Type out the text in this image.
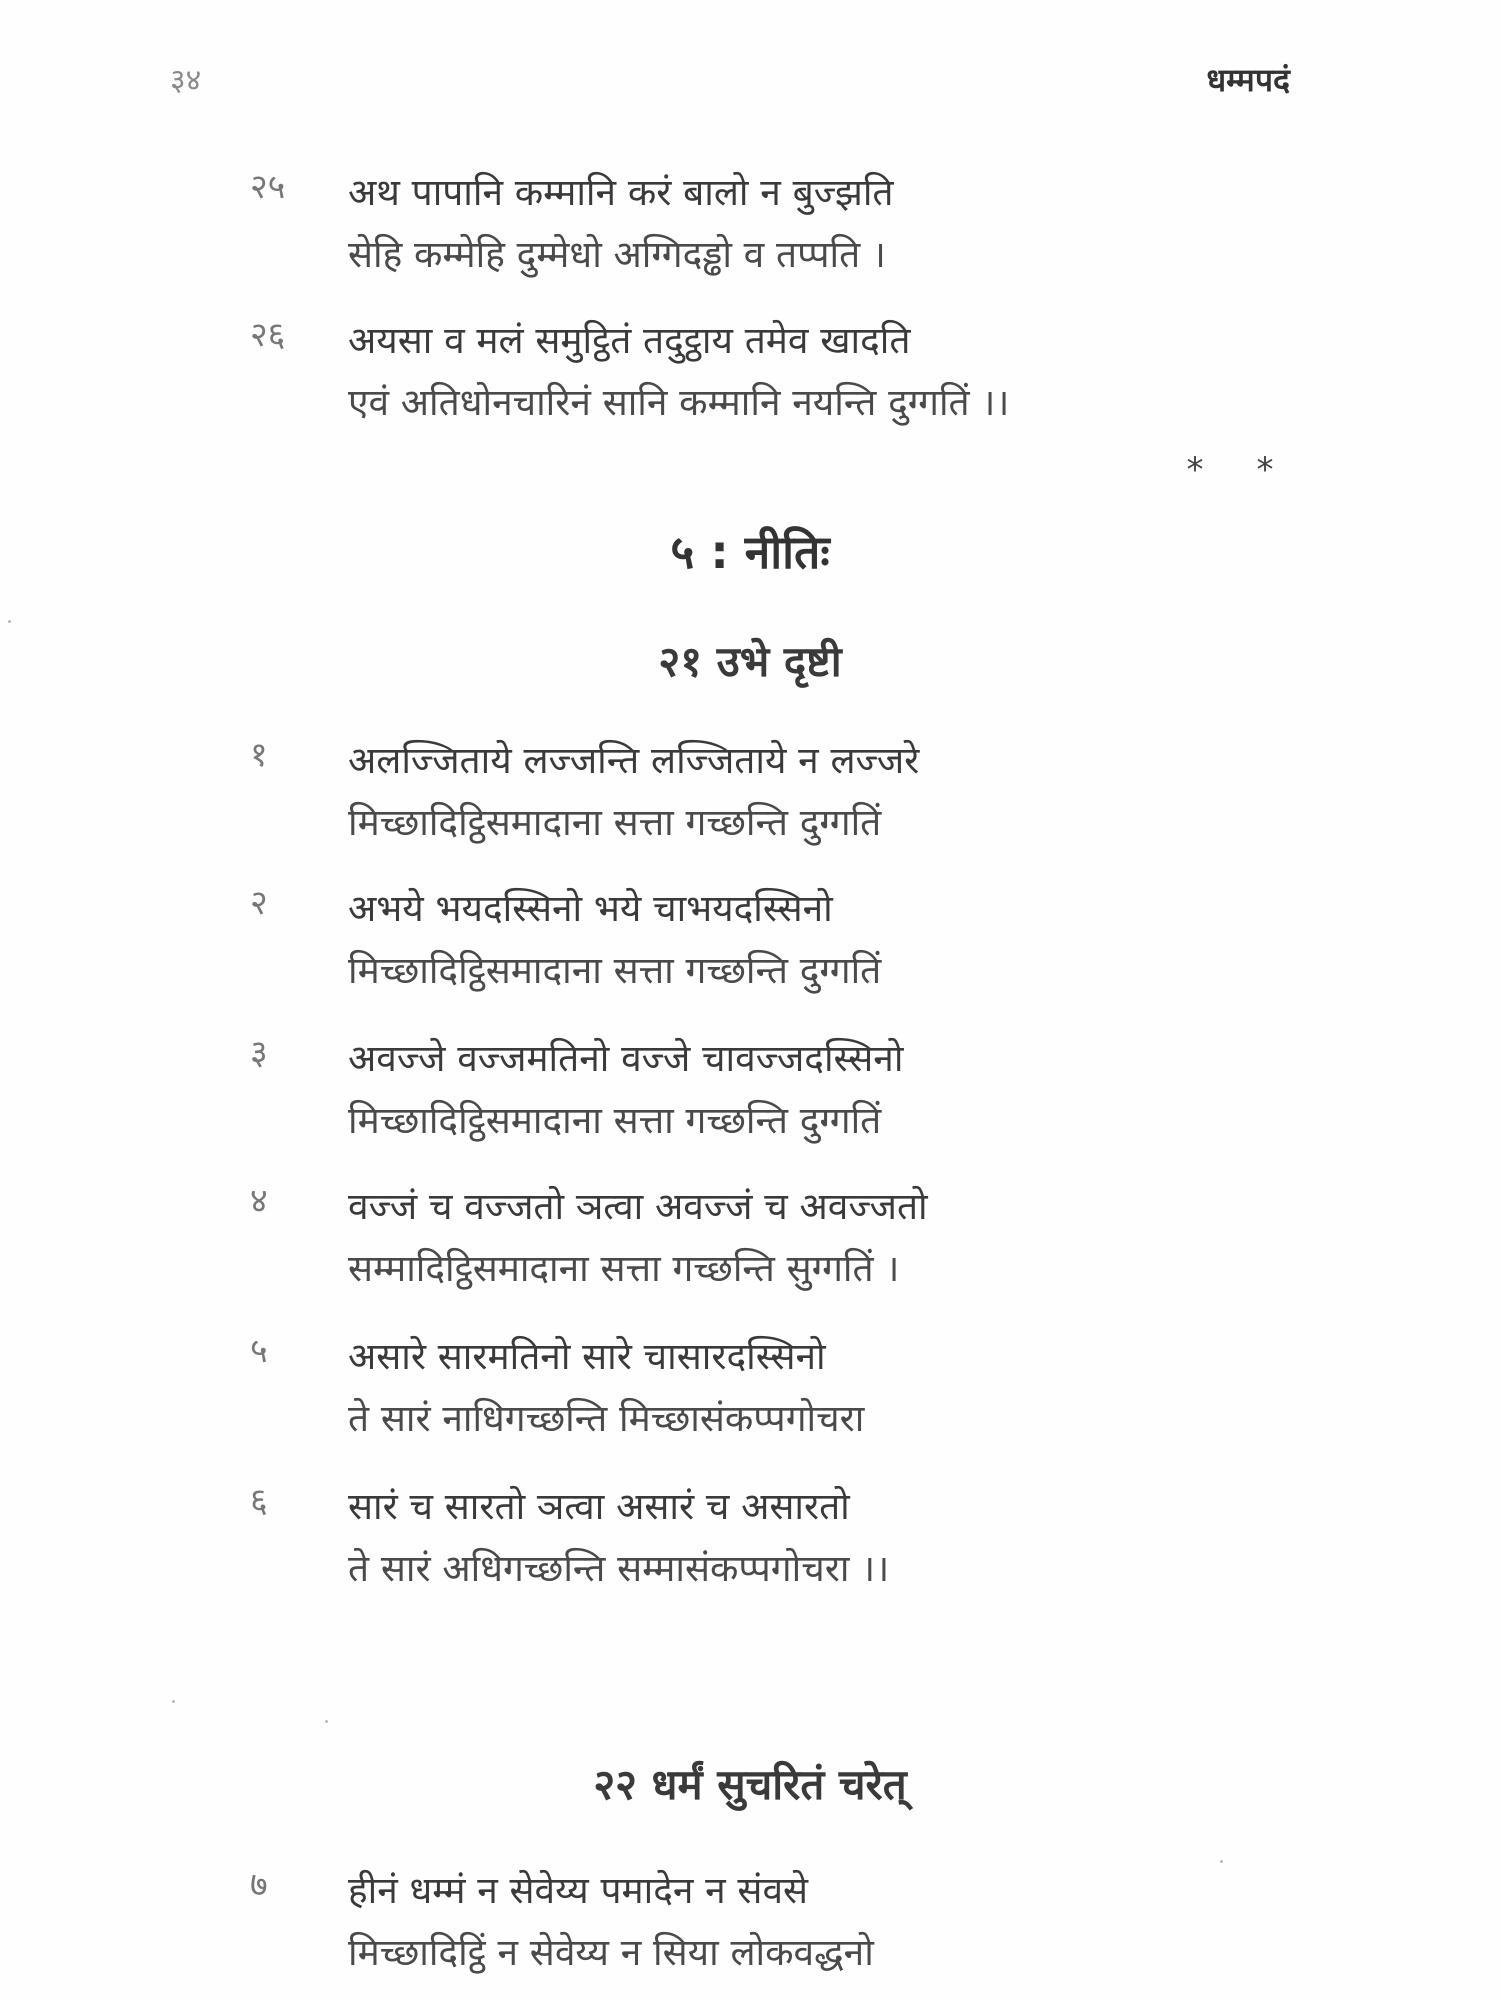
३४	धम्मपदं
२५	अथ पापानि कम्मानि करं बालो न बुज्झति
सेहि कम्मेहि दुम्मेधो अग्गिदड्ढो व तप्पति ।
२६	अयसा व मलं समुट्ठितं तदुट्ठाय तमेव खादति
एवं अतिधोनचारिनं सानि कम्मानि नयन्ति दुग्गतिं ।।
* *
५ : नीतिः
२१ उभे दृष्टी
१	अलज्जिताये लज्जन्ति लज्जिताये न लज्जरे
मिच्छादिट्ठिसमादाना सत्ता गच्छन्ति दुग्गतिं
२	अभये भयदस्सिनो भये चाभयदस्सिनो
मिच्छादिट्ठिसमादाना सत्ता गच्छन्ति दुग्गतिं
३	अवज्जे वज्जमतिनो वज्जे चावज्जदस्सिनो
मिच्छादिट्ठिसमादाना सत्ता गच्छन्ति दुग्गतिं
४	वज्जं च वज्जतो ञत्वा अवज्जं च अवज्जतो
सम्मादिट्ठिसमादाना सत्ता गच्छन्ति सुग्गतिं ।
५	असारे सारमतिनो सारे चासारदस्सिनो
ते सारं नाधिगच्छन्ति मिच्छासंकप्पगोचरा
६	सारं च सारतो ञत्वा असारं च असारतो
ते सारं अधिगच्छन्ति सम्मासंकप्पगोचरा ।।
२२ धर्मं सुचरितं चरेत्
७	हीनं धम्मं न सेवेय्य पमादेन न संवसे
मिच्छादिट्ठिं न सेवेय्य न सिया लोकवद्धनो
